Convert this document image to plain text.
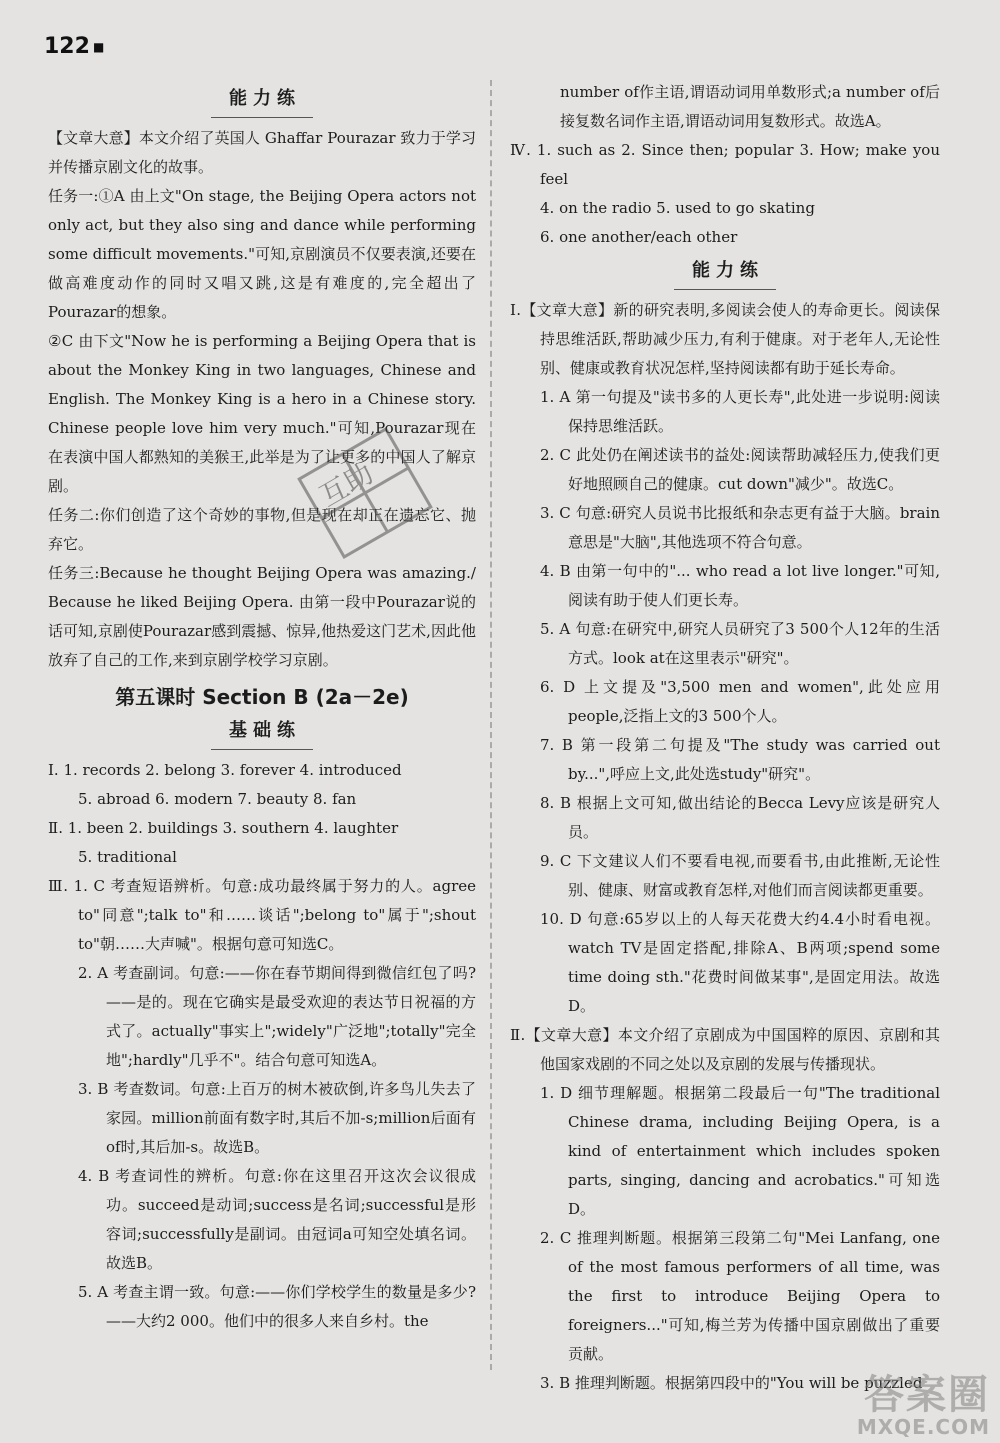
122 ■
能力练

【文章大意】本文介绍了英国人 Ghaffar Pourazar 致力于学习并传播京剧文化的故事。

任务一:①A 由上文"On stage, the Beijing Opera actors not only act, but they also sing and dance while performing some difficult movements."可知,京剧演员不仅要表演,还要在做高难度动作的同时又唱又跳,这是有难度的,完全超出了Pourazar的想象。

②C 由下文"Now he is performing a Beijing Opera that is about the Monkey King in two languages, Chinese and English. The Monkey King is a hero in a Chinese story. Chinese people love him very much."可知,Pourazar现在在表演中国人都熟知的美猴王,此举是为了让更多的中国人了解京剧。

任务二:你们创造了这个奇妙的事物,但是现在却正在遗忘它、抛弃它。

任务三:Because he thought Beijing Opera was amazing./ Because he liked Beijing Opera. 由第一段中Pourazar说的话可知,京剧使Pourazar感到震撼、惊异,他热爱这门艺术,因此他放弃了自己的工作,来到京剧学校学习京剧。

第五课时 Section B (2a－2e)
基础练

Ⅰ. 1. records 2. belong 3. forever 4. introduced

5. abroad 6. modern 7. beauty 8. fan

Ⅱ. 1. been 2. buildings 3. southern 4. laughter

5. traditional

Ⅲ. 1. C 考查短语辨析。句意:成功最终属于努力的人。agree to"同意";talk to"和……谈话";belong to"属于";shout to"朝……大声喊"。根据句意可知选C。

2. A 考查副词。句意:——你在春节期间得到微信红包了吗?——是的。现在它确实是最受欢迎的表达节日祝福的方式了。actually"事实上";widely"广泛地";totally"完全地";hardly"几乎不"。结合句意可知选A。

3. B 考查数词。句意:上百万的树木被砍倒,许多鸟儿失去了家园。million前面有数字时,其后不加-s;million后面有of时,其后加-s。故选B。

4. B 考查词性的辨析。句意:你在这里召开这次会议很成功。succeed是动词;success是名词;successful是形容词;successfully是副词。由冠词a可知空处填名词。故选B。

5. A 考查主谓一致。句意:——你们学校学生的数量是多少?——大约2 000。他们中的很多人来自乡村。the

互助

number of作主语,谓语动词用单数形式;a number of后接复数名词作主语,谓语动词用复数形式。故选A。

Ⅳ. 1. such as 2. Since then; popular 3. How; make you feel

4. on the radio 5. used to go skating

6. one another/each other

能力练

Ⅰ.【文章大意】新的研究表明,多阅读会使人的寿命更长。阅读保持思维活跃,帮助减少压力,有利于健康。对于老年人,无论性别、健康或教育状况怎样,坚持阅读都有助于延长寿命。

1. A 第一句提及"读书多的人更长寿",此处进一步说明:阅读保持思维活跃。

2. C 此处仍在阐述读书的益处:阅读帮助减轻压力,使我们更好地照顾自己的健康。cut down"减少"。故选C。

3. C 句意:研究人员说书比报纸和杂志更有益于大脑。brain意思是"大脑",其他选项不符合句意。

4. B 由第一句中的"... who read a lot live longer."可知,阅读有助于使人们更长寿。

5. A 句意:在研究中,研究人员研究了3 500个人12年的生活方式。look at在这里表示"研究"。

6. D 上文提及"3,500 men and women",此处应用people,泛指上文的3 500个人。

7. B 第一段第二句提及"The study was carried out by...",呼应上文,此处选study"研究"。

8. B 根据上文可知,做出结论的Becca Levy应该是研究人员。

9. C 下文建议人们不要看电视,而要看书,由此推断,无论性别、健康、财富或教育怎样,对他们而言阅读都更重要。

10. D 句意:65岁以上的人每天花费大约4.4小时看电视。watch TV是固定搭配,排除A、B两项;spend some time doing sth."花费时间做某事",是固定用法。故选D。

Ⅱ.【文章大意】本文介绍了京剧成为中国国粹的原因、京剧和其他国家戏剧的不同之处以及京剧的发展与传播现状。

1. D 细节理解题。根据第二段最后一句"The traditional Chinese drama, including Beijing Opera, is a kind of entertainment which includes spoken parts, singing, dancing and acrobatics."可知选D。

2. C 推理判断题。根据第三段第二句"Mei Lanfang, one of the most famous performers of all time, was the first to introduce Beijing Opera to foreigners..."可知,梅兰芳为传播中国京剧做出了重要贡献。

3. B 推理判断题。根据第四段中的"You will be puzzled

答案圈
MXQE.COM
